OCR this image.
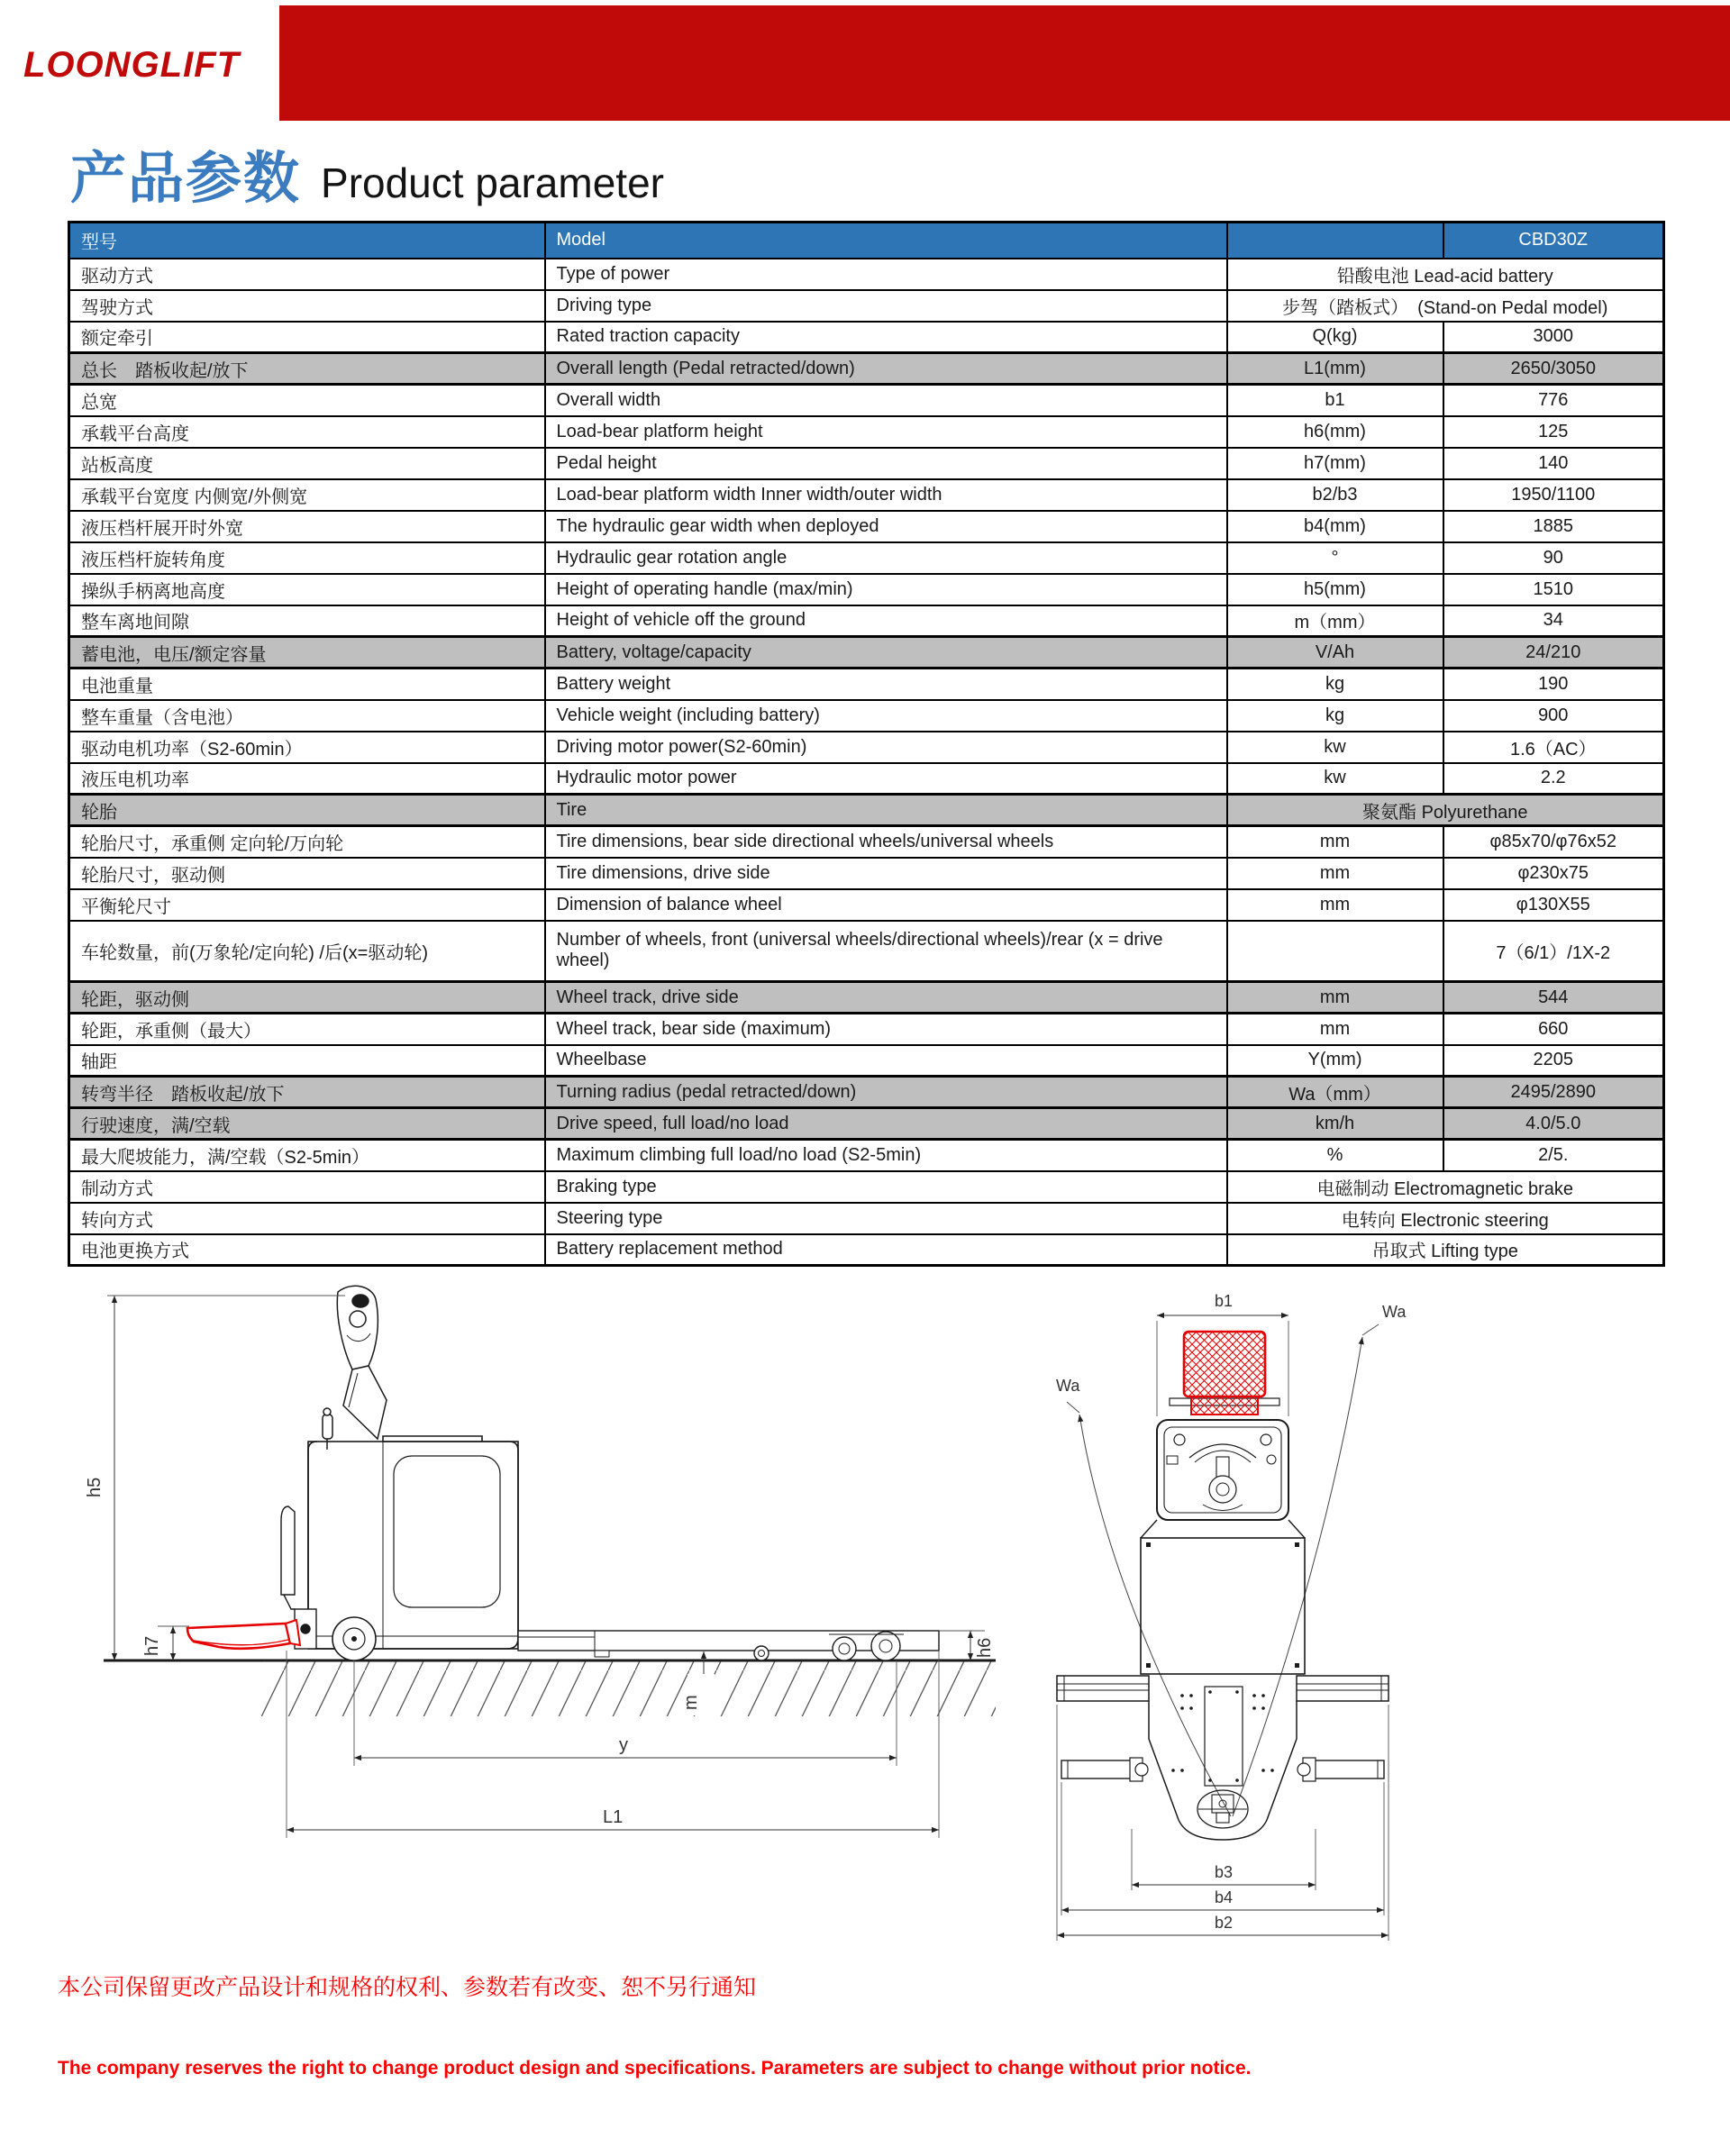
LOONGLIFT
产品参数 Product parameter
型号	Model		CBD30Z
驱动方式	Type of power	铅酸电池 Lead-acid battery	
驾驶方式	Driving type	步驾（踏板式）　(Stand-on Pedal model)	
额定牵引	Rated traction capacity	Q(kg)	3000
总长　踏板收起/放下	Overall length (Pedal retracted/down)	L1(mm)	2650/3050
总宽	Overall width	b1	776
承载平台高度	Load-bear platform height	h6(mm)	125
站板高度	Pedal height	h7(mm)	140
承载平台宽度 内侧宽/外侧宽	Load-bear platform width Inner width/outer width	b2/b3	1950/1100
液压档杆展开时外宽	The hydraulic gear width when deployed	b4(mm)	1885
液压档杆旋转角度	Hydraulic gear rotation angle	°	90
操纵手柄离地高度	Height of operating handle (max/min)	h5(mm)	1510
整车离地间隙	Height of vehicle off the ground	m（mm）	34
蓄电池，电压/额定容量	Battery, voltage/capacity	V/Ah	24/210
电池重量	Battery weight	kg	190
整车重量（含电池）	Vehicle weight (including battery)	kg	900
驱动电机功率（S2-60min）	Driving motor power(S2-60min)	kw	1.6（AC）
液压电机功率	Hydraulic motor power	kw	2.2
轮胎	Tire	聚氨酯 Polyurethane	
轮胎尺寸，承重侧 定向轮/万向轮	Tire dimensions, bear side directional wheels/universal wheels	mm	φ85x70/φ76x52
轮胎尺寸，驱动侧	Tire dimensions, drive side	mm	φ230x75
平衡轮尺寸	Dimension of balance wheel	mm	φ130X55
车轮数量，前(万象轮/定向轮) /后(x=驱动轮)	Number of wheels, front (universal wheels/directional wheels)/rear (x = drive wheel)		7（6/1）/1X-2
轮距，驱动侧	Wheel track, drive side	mm	544
轮距，承重侧（最大）	Wheel track, bear side (maximum)	mm	660
轴距	Wheelbase	Y(mm)	2205
转弯半径　踏板收起/放下	Turning radius (pedal retracted/down)	Wa（mm）	2495/2890
行驶速度，满/空载	Drive speed, full load/no load	km/h	4.0/5.0
最大爬坡能力，满/空载（S2-5min）	Maximum climbing full load/no load (S2-5min)	%	2/5.
制动方式	Braking type	电磁制动 Electromagnetic brake	
转向方式	Steering type	电转向 Electronic steering	
电池更换方式	Battery replacement method	吊取式 Lifting type	
h5
h7	h6
m
y
L1
b1
Wa
Wa
b3
b4
b2
本公司保留更改产品设计和规格的权利、参数若有改变、恕不另行通知
The company reserves the right to change product design and specifications. Parameters are subject to change without prior notice.
